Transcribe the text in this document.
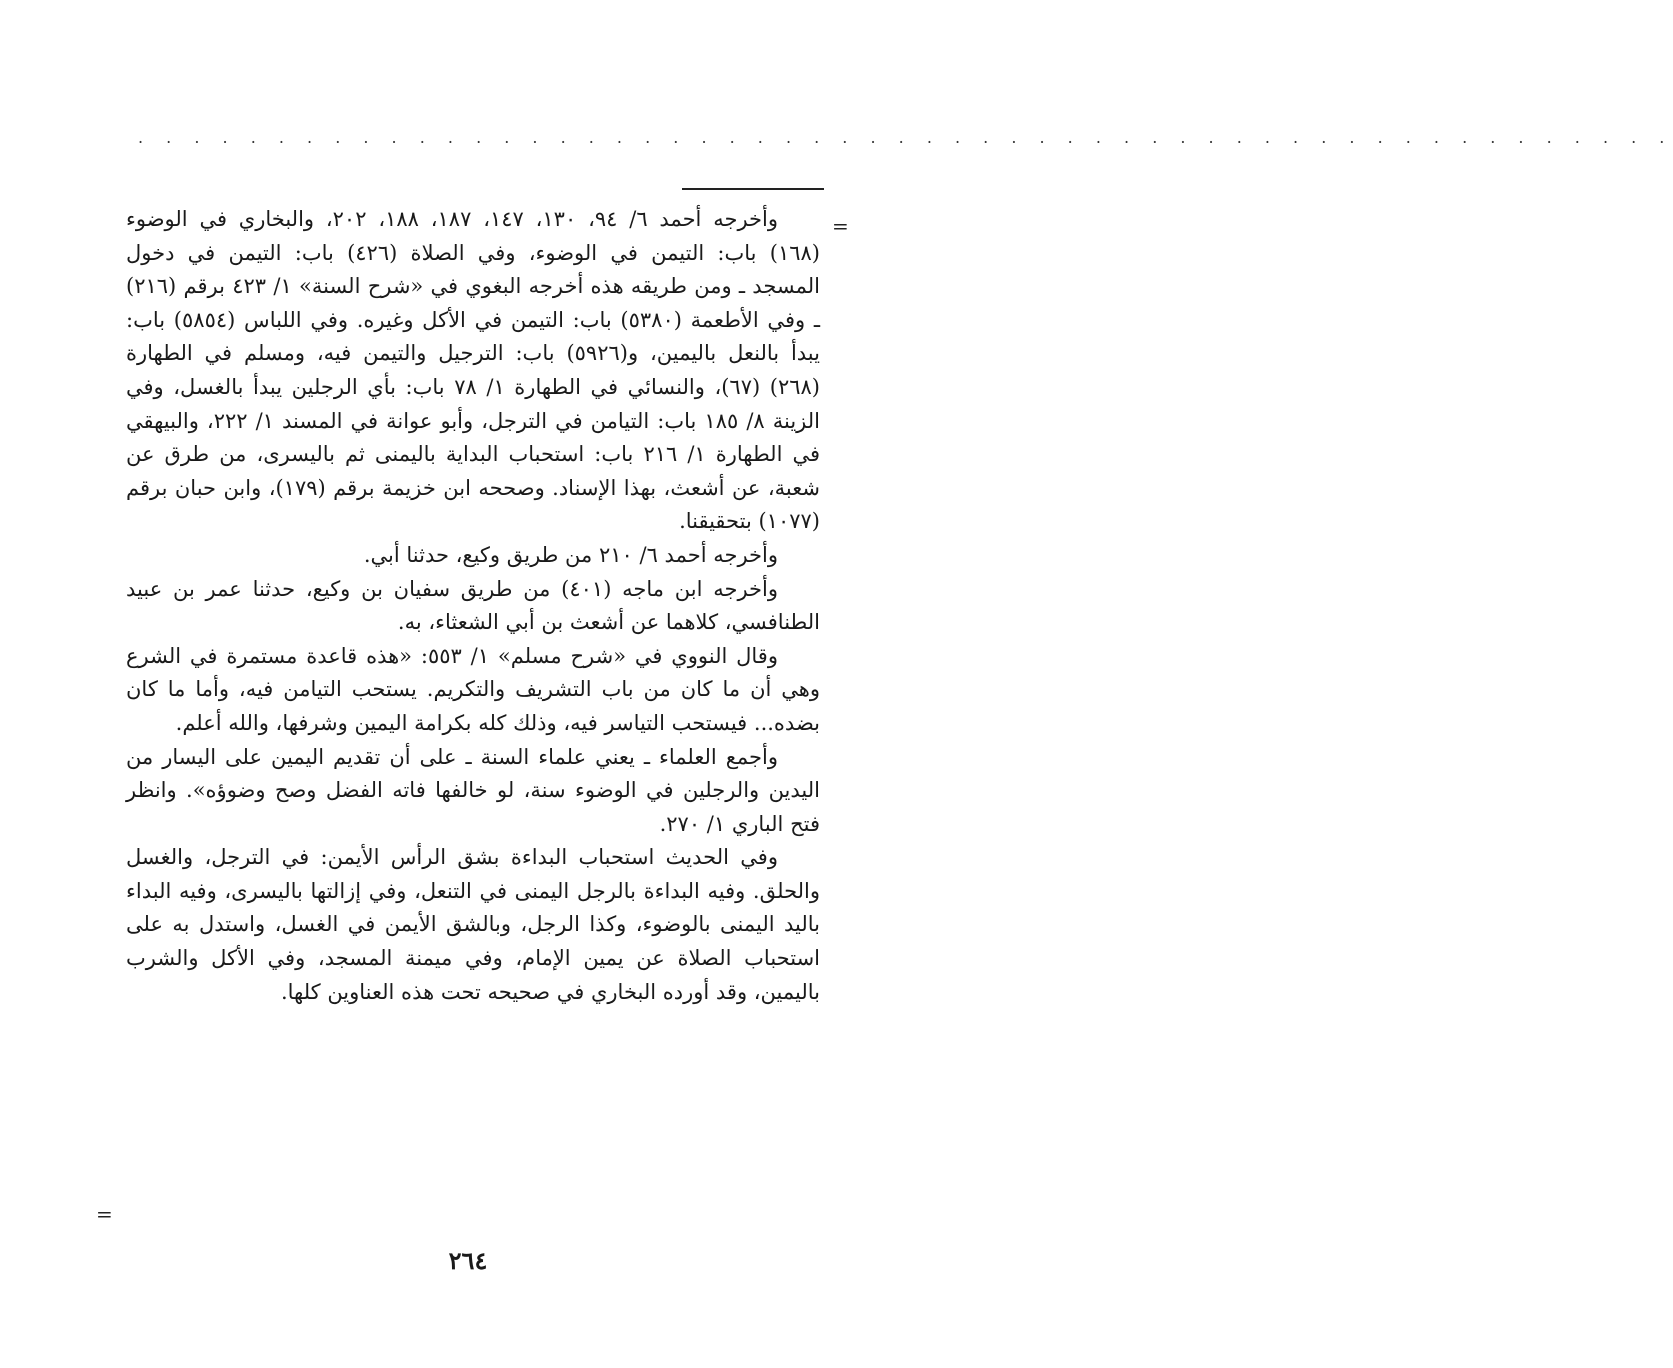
. . . . . . . . . . . . . . . . . . . . . . . . . . . . . . . . . . . . . . . . . . . . . . . . . . . . . . .
=

وأخرجه أحمد ٦/ ٩٤، ١٣٠، ١٤٧، ١٨٧، ١٨٨، ٢٠٢، والبخاري في الوضوء (١٦٨) باب: التيمن في الوضوء، وفي الصلاة (٤٢٦) باب: التيمن في دخول المسجد ـ ومن طريقه هذه أخرجه البغوي في «شرح السنة» ١/ ٤٢٣ برقم (٢١٦) ـ وفي الأطعمة (٥٣٨٠) باب: التيمن في الأكل وغيره. وفي اللباس (٥٨٥٤) باب: يبدأ بالنعل باليمين، و(٥٩٢٦) باب: الترجيل والتيمن فيه، ومسلم في الطهارة (٢٦٨) (٦٧)، والنسائي في الطهارة ١/ ٧٨ باب: بأي الرجلين يبدأ بالغسل، وفي الزينة ٨/ ١٨٥ باب: التيامن في الترجل، وأبو عوانة في المسند ١/ ٢٢٢، والبيهقي في الطهارة ١/ ٢١٦ باب: استحباب البداية باليمنى ثم باليسرى، من طرق عن شعبة، عن أشعث، بهذا الإسناد. وصححه ابن خزيمة برقم (١٧٩)، وابن حبان برقم (١٠٧٧) بتحقيقنا.

وأخرجه أحمد ٦/ ٢١٠ من طريق وكيع، حدثنا أبي.

وأخرجه ابن ماجه (٤٠١) من طريق سفيان بن وكيع، حدثنا عمر بن عبيد الطنافسي، كلاهما عن أشعث بن أبي الشعثاء، به.

وقال النووي في «شرح مسلم» ١/ ٥٥٣: «هذه قاعدة مستمرة في الشرع وهي أن ما كان من باب التشريف والتكريم. يستحب التيامن فيه، وأما ما كان بضده... فيستحب التياسر فيه، وذلك كله بكرامة اليمين وشرفها، والله أعلم.

وأجمع العلماء ـ يعني علماء السنة ـ على أن تقديم اليمين على اليسار من اليدين والرجلين في الوضوء سنة، لو خالفها فاته الفضل وصح وضوؤه». وانظر فتح الباري ١/ ٢٧٠.

وفي الحديث استحباب البداءة بشق الرأس الأيمن: في الترجل، والغسل والحلق. وفيه البداءة بالرجل اليمنى في التنعل، وفي إزالتها باليسرى، وفيه البداء باليد اليمنى بالوضوء، وكذا الرجل، وبالشق الأيمن في الغسل، واستدل به على استحباب الصلاة عن يمين الإمام، وفي ميمنة المسجد، وفي الأكل والشرب باليمين، وقد أورده البخاري في صحيحه تحت هذه العناوين كلها.

=
٢٦٤
